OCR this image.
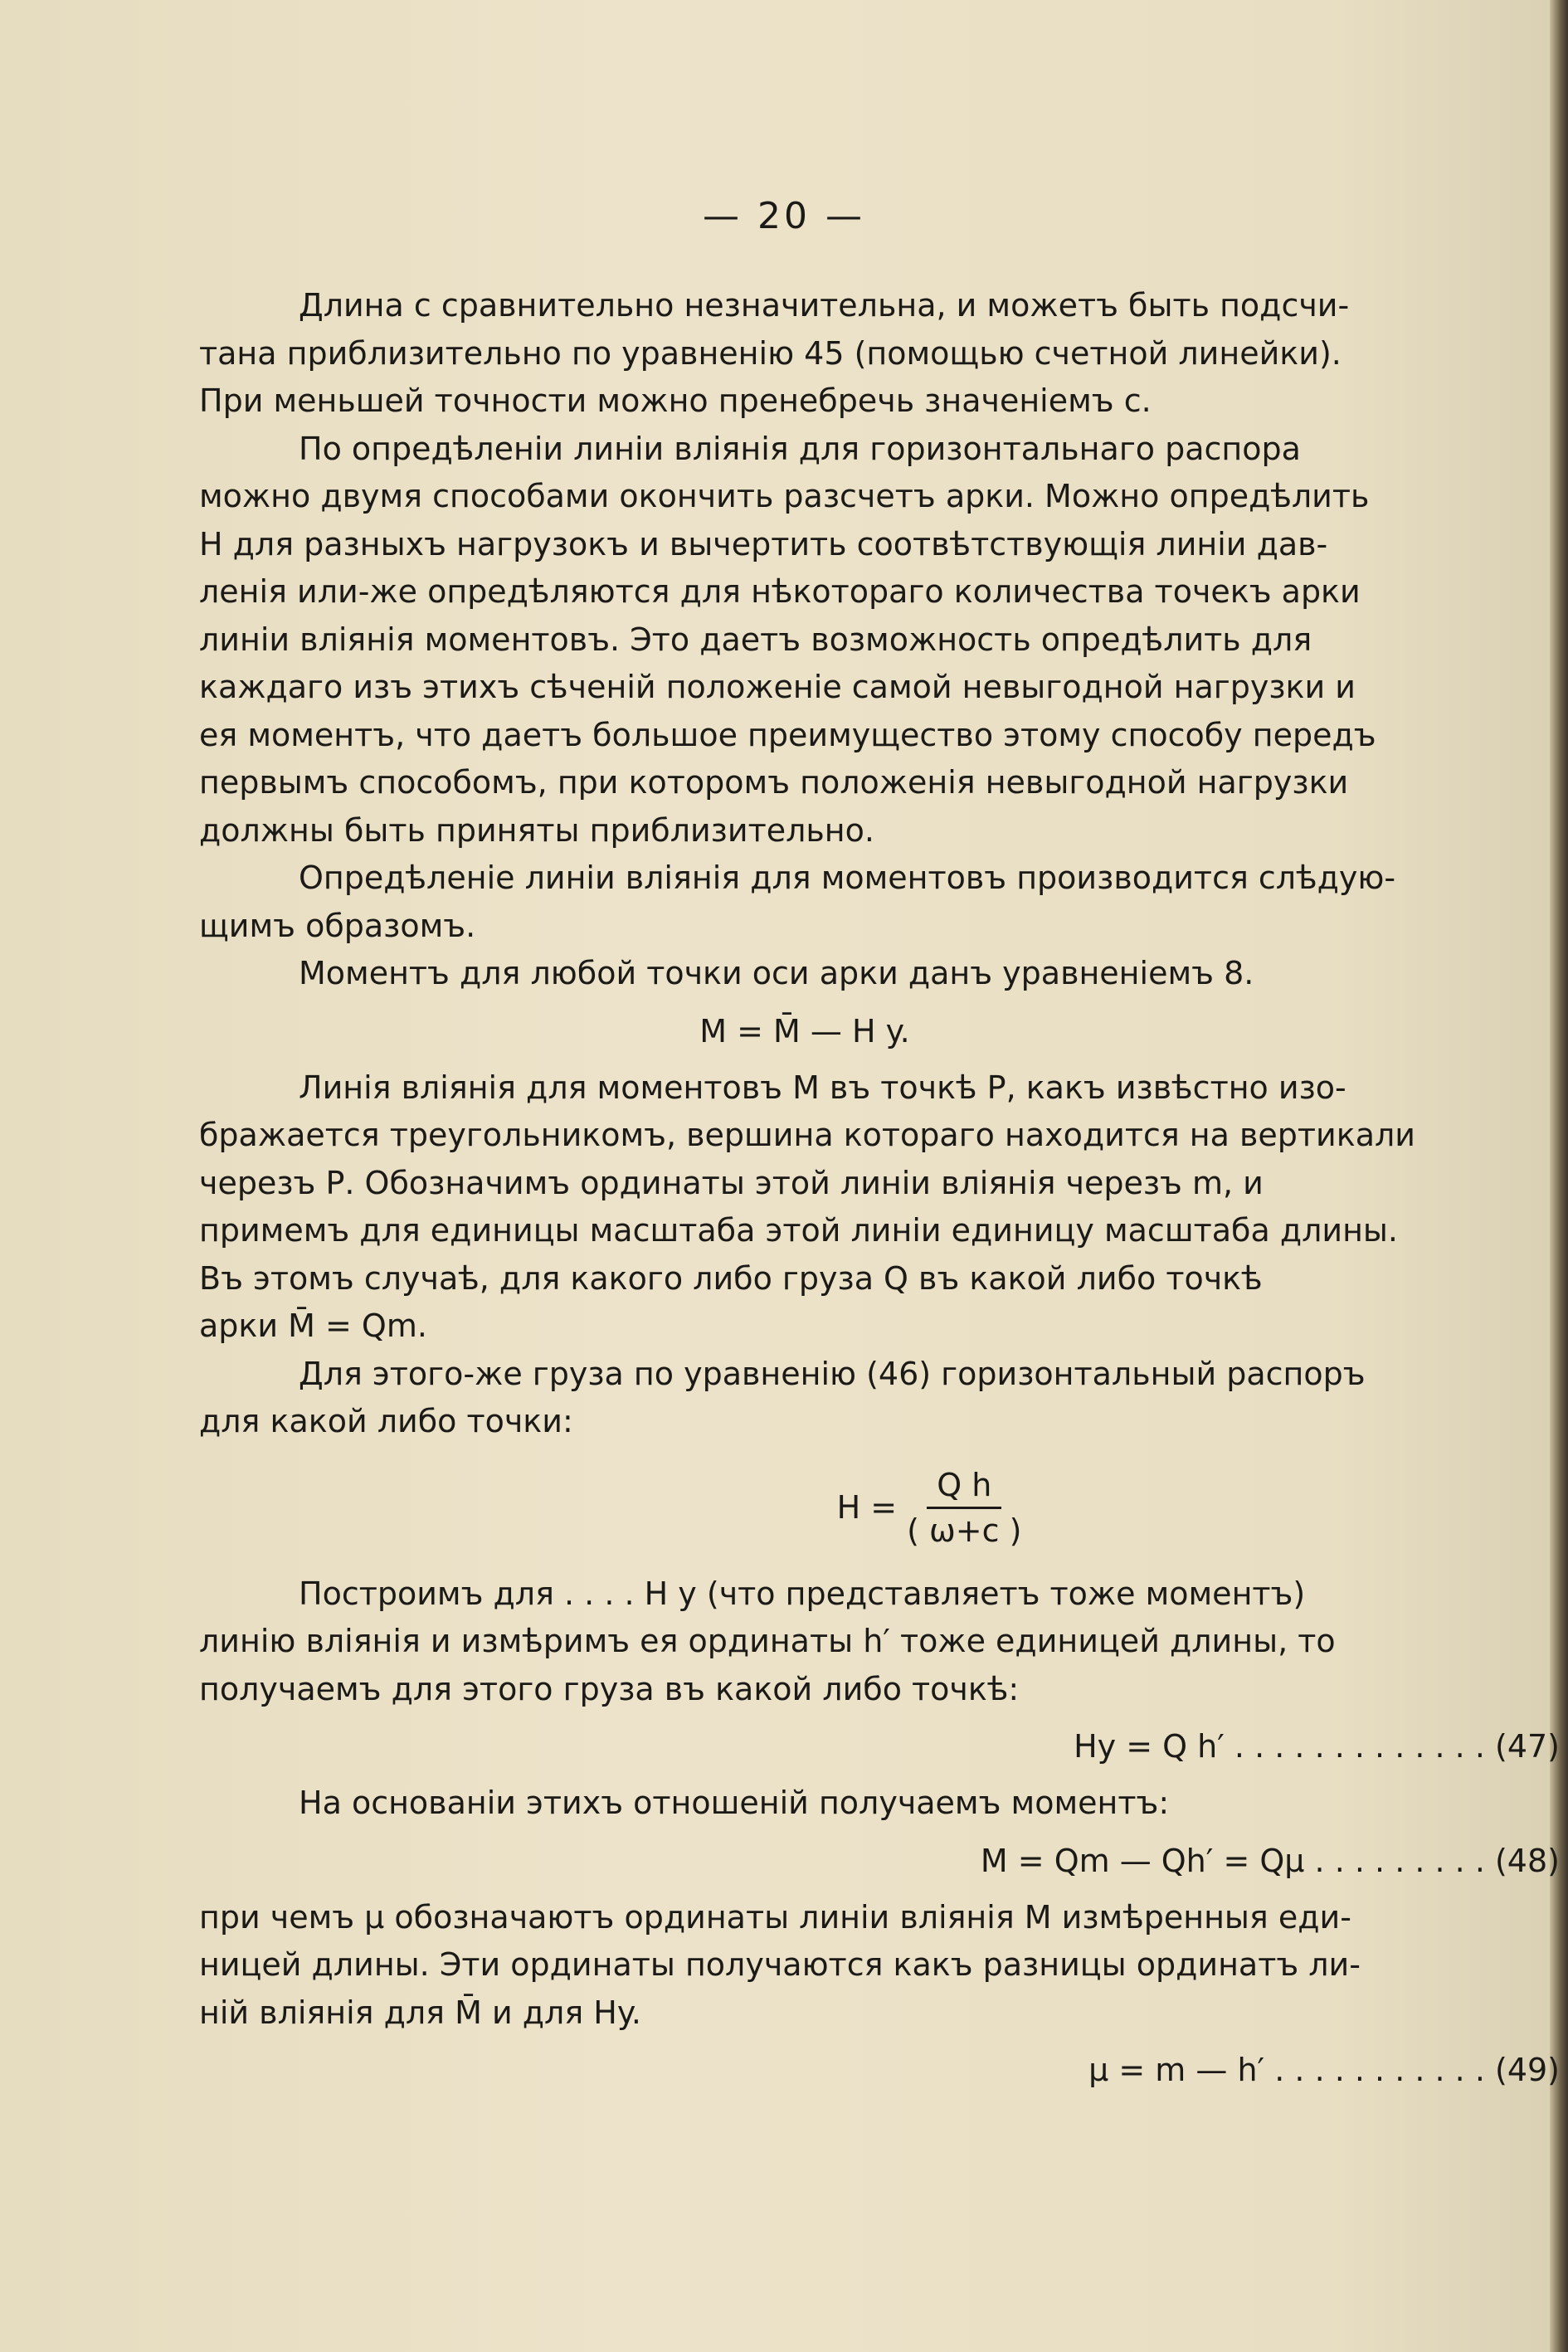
— 20 —
Длина с сравнительно незначительна, и можетъ быть подсчи-
тана приблизительно по уравненію 45 (помощью счетной линейки).
При меньшей точности можно пренебречь значеніемъ с.
По опредѣленіи линіи вліянія для горизонтальнаго распора
можно двумя способами окончить разсчетъ арки. Можно опредѣлить
Н для разныхъ нагрузокъ и вычертить соотвѣтствующія линіи дав-
ленія или-же опредѣляются для нѣкотораго количества точекъ арки
линіи вліянія моментовъ. Это даетъ возможность опредѣлить для
каждаго изъ этихъ сѣченій положеніе самой невыгодной нагрузки и
ея моментъ, что даетъ большое преимущество этому способу передъ
первымъ способомъ, при которомъ положенія невыгодной нагрузки
должны быть приняты приблизительно.
Опредѣленіе линіи вліянія для моментовъ производится слѣдую-
щимъ образомъ.
Моментъ для любой точки оси арки данъ уравненіемъ 8.
M = M̄ — H y.
Линія вліянія для моментовъ М въ точкѣ Р, какъ извѣстно изо-
бражается треугольникомъ, вершина котораго находится на вертикали
черезъ Р. Обозначимъ ординаты этой линіи вліянія черезъ m, и
примемъ для единицы масштаба этой линіи единицу масштаба длины.
Въ этомъ случаѣ, для какого либо груза Q въ какой либо точкѣ
арки M̄ = Qm.
Для этого-же груза по уравненію (46) горизонтальный распоръ
для какой либо точки:
$H = \frac{\text{Q h}}{( \omega+c )}$
Построимъ для . . . . Н у (что представляетъ тоже моментъ)
линію вліянія и измѣримъ ея ординаты h′ тоже единицей длины, то
получаемъ для этого груза въ какой либо точкѣ:
Hy = Q h′ . . . . . . . . . . . . . (47)
На основаніи этихъ отношеній получаемъ моментъ:
M = Qm — Qh′ = Qμ . . . . . . . . . (48)
при чемъ μ обозначаютъ ординаты линіи вліянія М измѣренныя еди-
ницей длины. Эти ординаты получаются какъ разницы ординатъ ли-
ній вліянія для M̄ и для Hy.
μ = m — h′ . . . . . . . . . . . (49)
